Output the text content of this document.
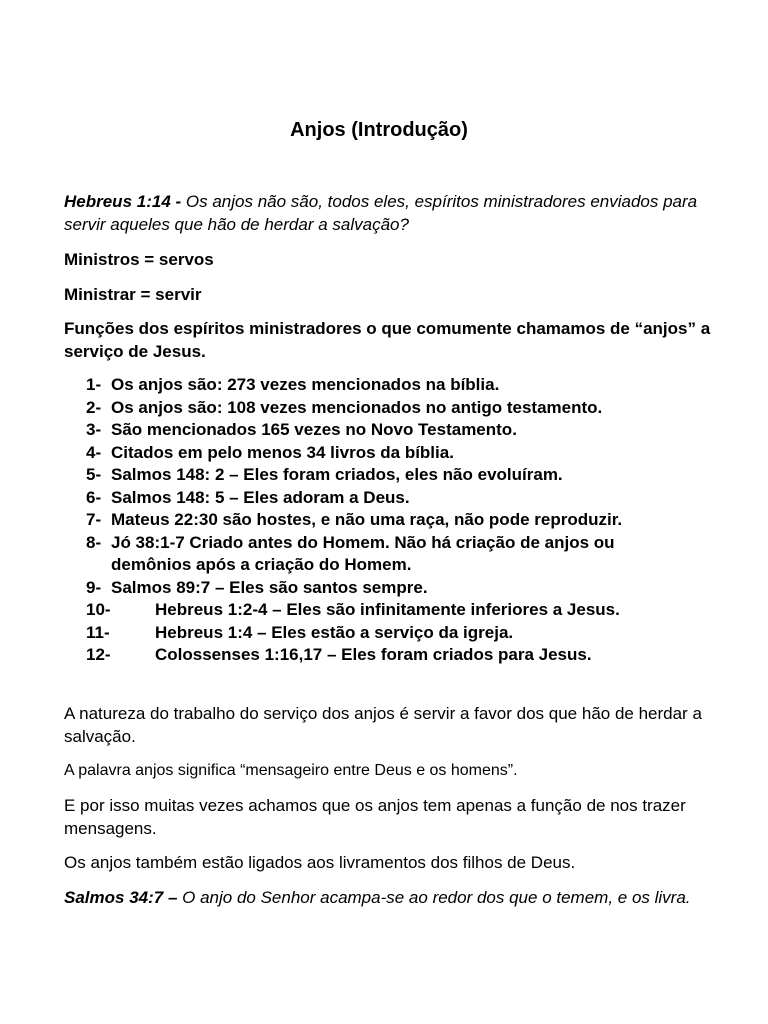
Anjos (Introdução)
Hebreus 1:14 - Os anjos não são, todos eles, espíritos ministradores enviados para servir aqueles que hão de herdar a salvação?
Ministros = servos
Ministrar = servir
Funções dos espíritos ministradores o que comumente chamamos de “anjos” a serviço de Jesus.
1- Os anjos são: 273 vezes mencionados na bíblia.
2- Os anjos são: 108 vezes mencionados no antigo testamento.
3- São mencionados 165 vezes no Novo Testamento.
4- Citados em pelo menos 34 livros da bíblia.
5- Salmos 148: 2 – Eles foram criados, eles não evoluíram.
6- Salmos 148: 5 – Eles adoram a Deus.
7- Mateus 22:30 são hostes, e não uma raça, não pode reproduzir.
8- Jó 38:1-7 Criado antes do Homem. Não há criação de anjos ou demônios após a criação do Homem.
9- Salmos 89:7 – Eles são santos sempre.
10-	Hebreus 1:2-4 – Eles são infinitamente inferiores a Jesus.
11-	Hebreus 1:4 – Eles estão a serviço da igreja.
12-	Colossenses 1:16,17 – Eles foram criados para Jesus.
A natureza do trabalho do serviço dos anjos é servir a favor dos que hão de herdar a salvação.
A palavra anjos significa “mensageiro entre Deus e os homens”.
E por isso muitas vezes achamos que os anjos tem apenas a função de nos trazer mensagens.
Os anjos também estão ligados aos livramentos dos filhos de Deus.
Salmos 34:7 – O anjo do Senhor acampa-se ao redor dos que o temem, e os livra.
